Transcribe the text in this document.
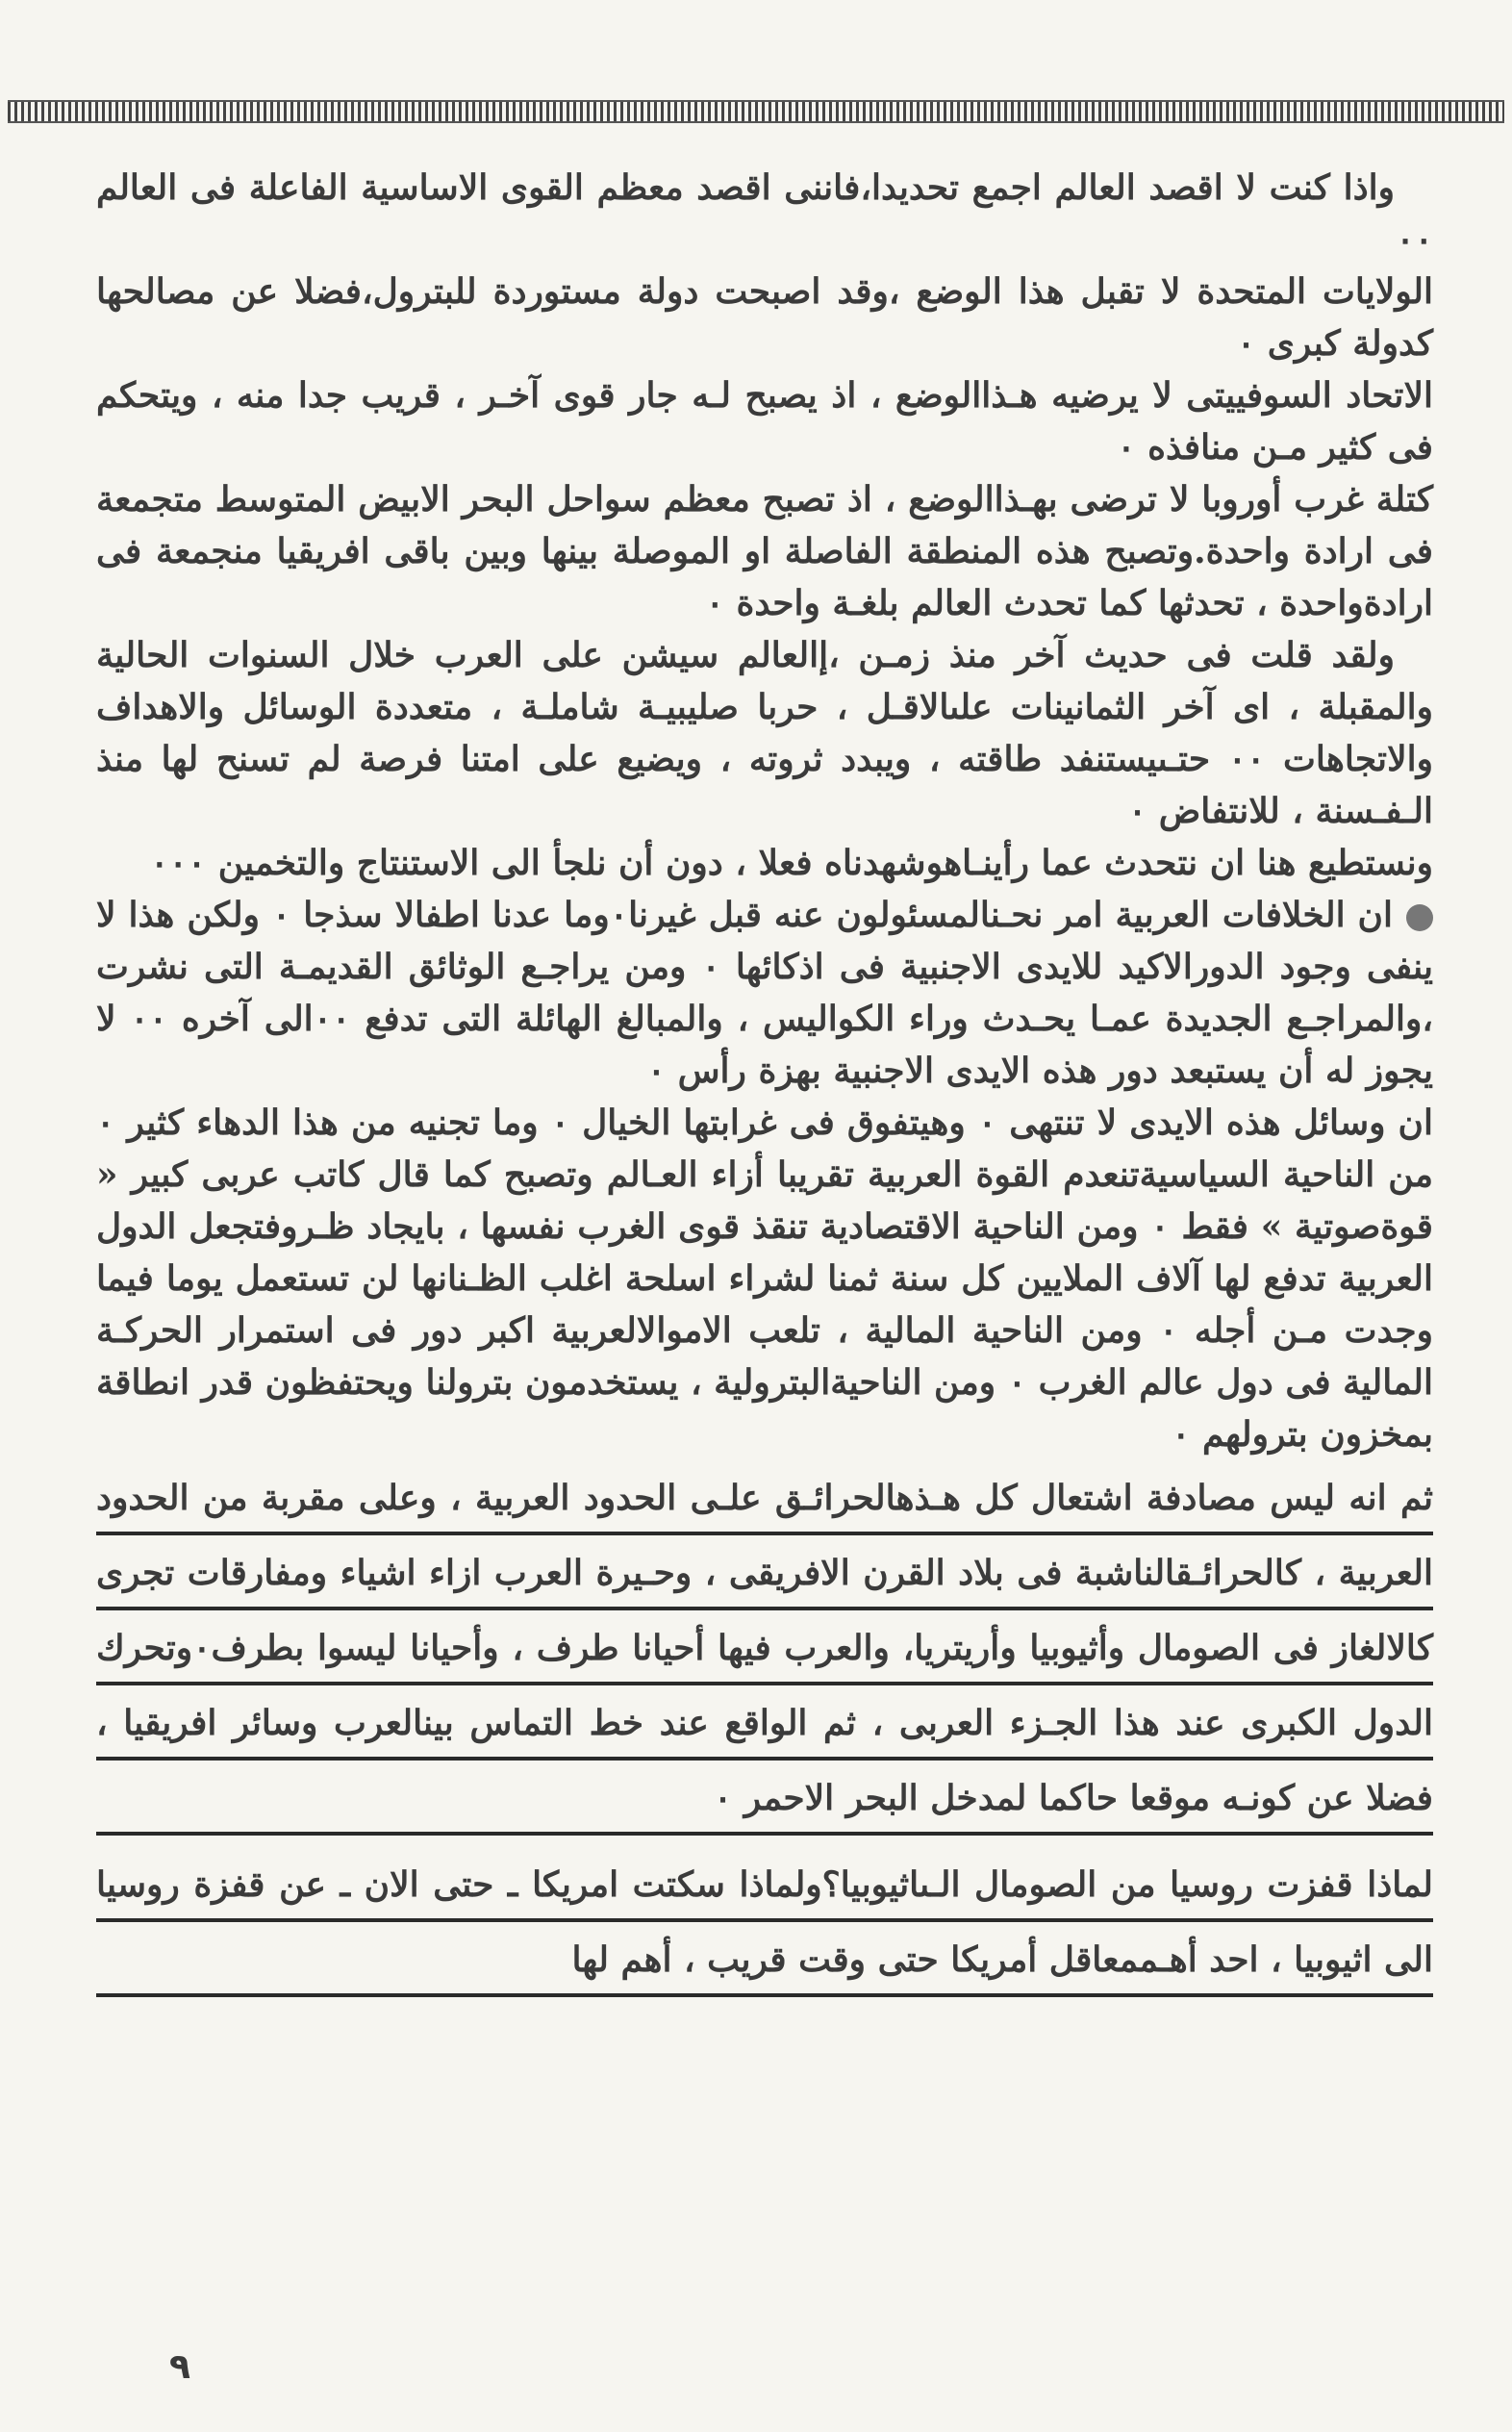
واذا كنت لا اقصد العالم اجمع تحديدا،فاننى اقصد معظم القوى الاساسية الفاعلة فى العالم ٠٠

الولايات المتحدة لا تقبل هذا الوضع ،وقد اصبحت دولة مستوردة للبترول،فضلا عن مصالحها كدولة كبرى ٠

الاتحاد السوفييتى لا يرضيه هـذاالوضع ، اذ يصبح لـه جار قوى آخـر ، قريب جدا منه ، ويتحكم فى كثير مـن منافذه ٠

كتلة غرب أوروبا لا ترضى بهـذاالوضع ، اذ تصبح معظم سواحل البحر الابيض المتوسط متجمعة فى ارادة واحدة.وتصبح هذه المنطقة الفاصلة او الموصلة بينها وبين باقى افريقيا منجمعة فى ارادةواحدة ، تحدثها كما تحدث العالم بلغـة واحدة ٠

ولقد قلت فى حديث آخر منذ زمـن ،إالعالم سيشن على العرب خلال السنوات الحالية والمقبلة ، اى آخر الثمانينات علىالاقـل ، حربا صليبيـة شاملـة ، متعددة الوسائل والاهداف والاتجاهات ٠٠ حتـىيستنفد طاقته ، ويبدد ثروته ، ويضيع على امتنا فرصة لم تسنح لها منذ الـفـسنة ، للانتفاض ٠

ونستطيع هنا ان نتحدث عما رأينـاهوشهدناه فعلا ، دون أن نلجأ الى الاستنتاج والتخمين ٠٠٠

ان الخلافات العربية امر نحـنالمسئولون عنه قبل غيرنا٠وما عدنا اطفالا سذجا ٠ ولكن هذا لا ينفى وجود الدورالاكيد للايدى الاجنبية فى اذكائها ٠ ومن يراجـع الوثائق القديمـة التى نشرت ،والمراجـع الجديدة عمـا يحـدث وراء الكواليس ، والمبالغ الهائلة التى تدفع ٠٠الى آخره ٠٠ لا يجوز له أن يستبعد دور هذه الايدى الاجنبية بهزة رأس ٠

ان وسائل هذه الايدى لا تنتهى ٠ وهيتفوق فى غرابتها الخيال ٠ وما تجنيه من هذا الدهاء كثير ٠ من الناحية السياسيةتنعدم القوة العربية تقريبا أزاء العـالم وتصبح كما قال كاتب عربى كبير « قوةصوتية » فقط ٠ ومن الناحية الاقتصادية تنقذ قوى الغرب نفسها ، بايجاد ظـروفتجعل الدول العربية تدفع لها آلاف الملايين كل سنة ثمنا لشراء اسلحة اغلب الظـنانها لن تستعمل يوما فيما وجدت مـن أجله ٠ ومن الناحية المالية ، تلعب الاموالالعربية اكبر دور فى استمرار الحركـة المالية فى دول عالم الغرب ٠ ومن الناحيةالبترولية ، يستخدمون بترولنا ويحتفظون قدر انطاقة بمخزون بترولهم ٠

ثم انه ليس مصادفة اشتعال كل هـذهالحرائـق علـى الحدود العربية ، وعلى مقربة من الحدود العربية ، كالحرائـقالناشبة فى بلاد القرن الافريقى ، وحـيرة العرب ازاء اشياء ومفارقات تجرى كالالغاز فى الصومال وأثيوبيا وأريتريا، والعرب فيها أحيانا طرف ، وأحيانا ليسوا بطرف٠وتحرك الدول الكبرى عند هذا الجـزء العربى ، ثم الواقع عند خط التماس بينالعرب وسائر افريقيا ، فضلا عن كونـه موقعا حاكما لمدخل البحر الاحمر ٠

لماذا قفزت روسيا من الصومال الـىاثيوبيا؟ولماذا سكتت امريكا ـ حتى الان ـ عن قفزة روسيا الى اثيوبيا ، احد أهـممعاقل أمريكا حتى وقت قريب ، أهم لها

٩
